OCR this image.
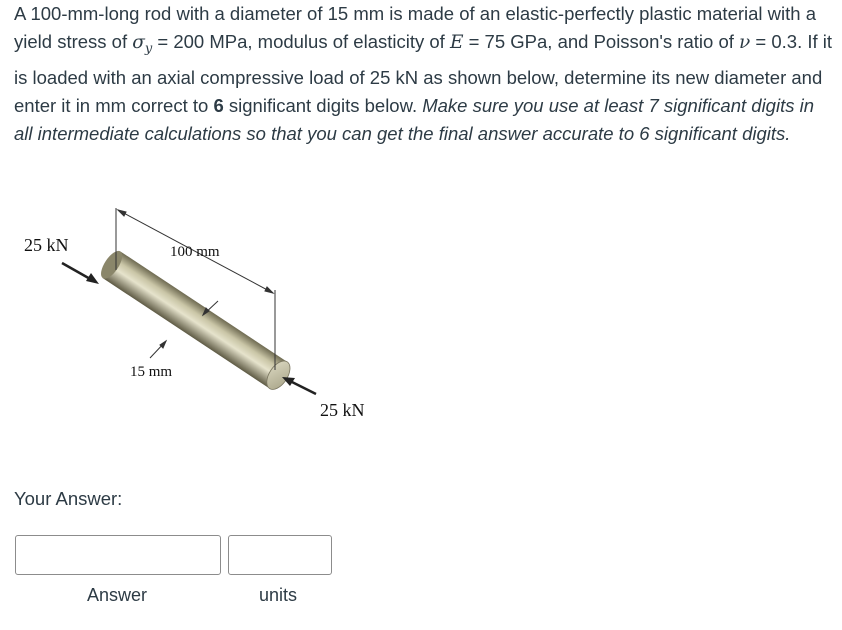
A 100-mm-long rod with a diameter of 15 mm is made of an elastic-perfectly plastic material with a yield stress of $\sigma_y = 200$ MPa, modulus of elasticity of E = 75 GPa, and Poisson's ratio of ν = 0.3. If it is loaded with an axial compressive load of 25 kN as shown below, determine its new diameter and enter it in mm correct to 6 significant digits below. Make sure you use at least 7 significant digits in all intermediate calculations so that you can get the final answer accurate to 6 significant digits.

25 kN
25 kN
100 mm
15 mm
Your Answer:
Answer	units
